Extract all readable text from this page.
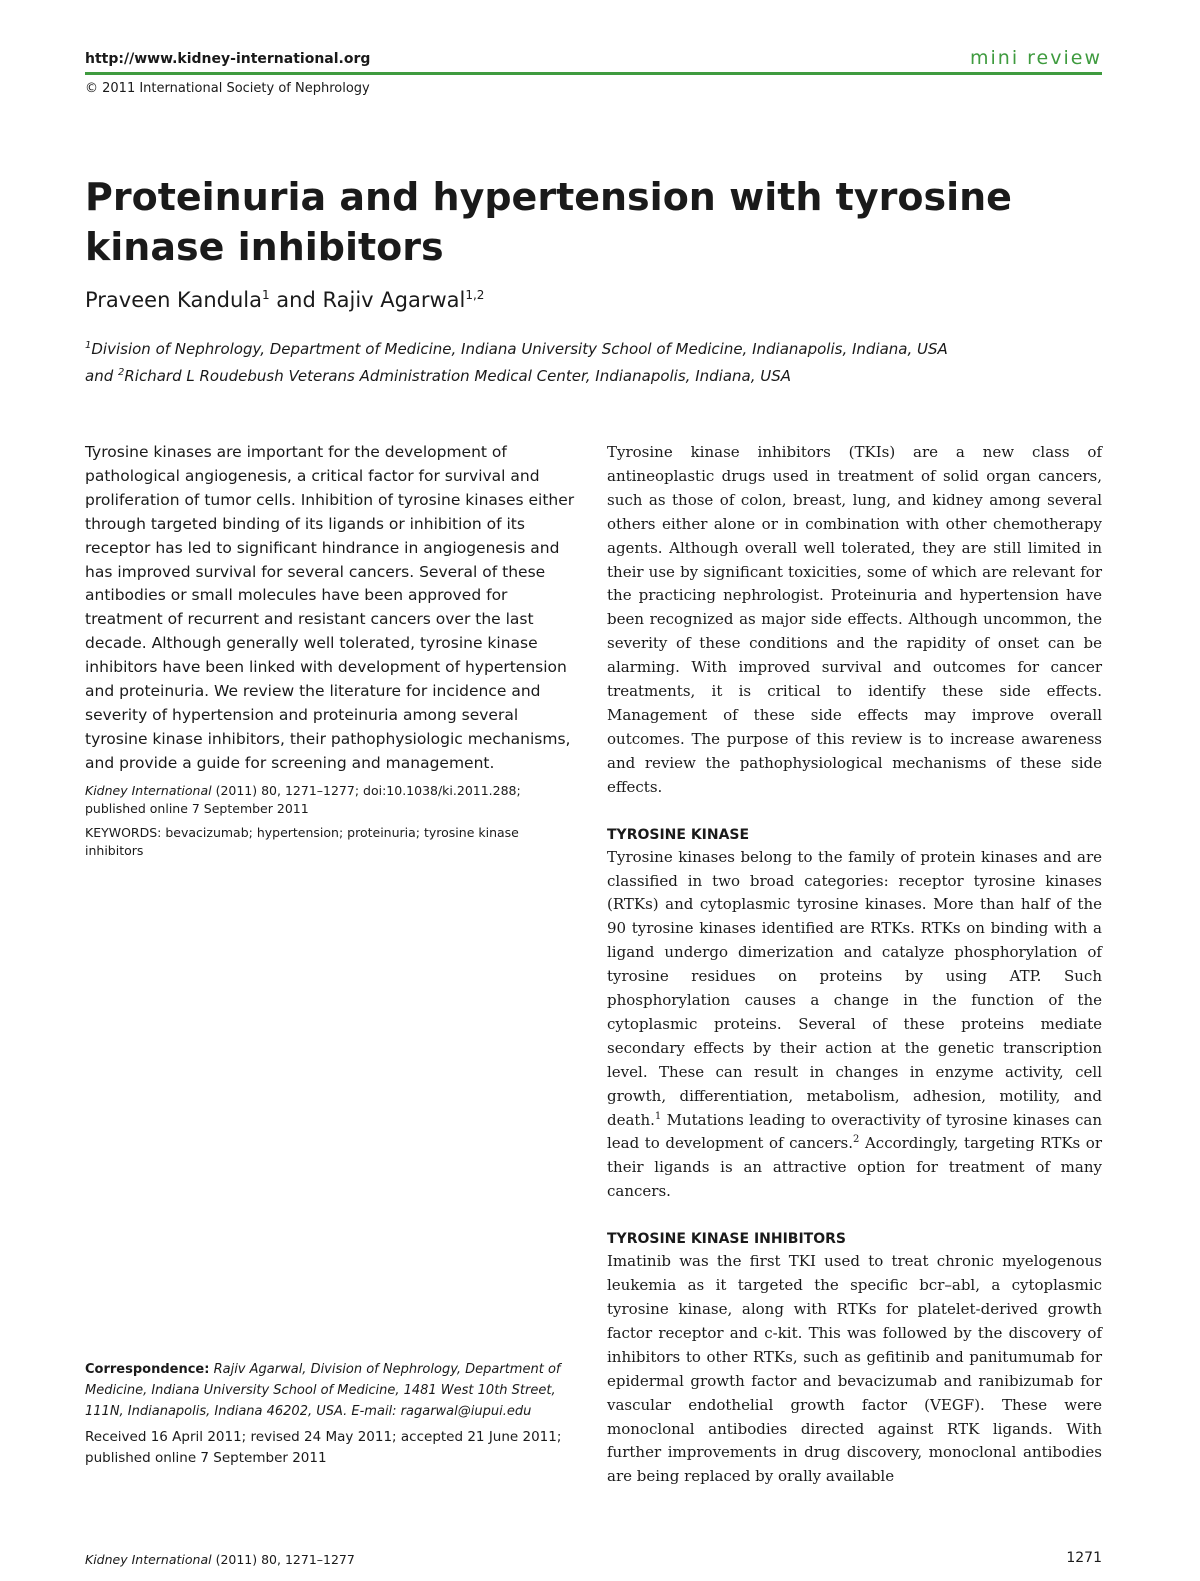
http://www.kidney-international.org	mini review
© 2011 International Society of Nephrology
Proteinuria and hypertension with tyrosine kinase inhibitors
Praveen Kandula$^1$ and Rajiv Agarwal$^{1,2}$
$^1$Division of Nephrology, Department of Medicine, Indiana University School of Medicine, Indianapolis, Indiana, USA
and $^2$Richard L Roudebush Veterans Administration Medical Center, Indianapolis, Indiana, USA

Tyrosine kinases are important for the development of pathological angiogenesis, a critical factor for survival and proliferation of tumor cells. Inhibition of tyrosine kinases either through targeted binding of its ligands or inhibition of its receptor has led to significant hindrance in angiogenesis and has improved survival for several cancers. Several of these antibodies or small molecules have been approved for treatment of recurrent and resistant cancers over the last decade. Although generally well tolerated, tyrosine kinase inhibitors have been linked with development of hypertension and proteinuria. We review the literature for incidence and severity of hypertension and proteinuria among several tyrosine kinase inhibitors, their pathophysiologic mechanisms, and provide a guide for screening and management.

Kidney International (2011) 80, 1271–1277; doi:10.1038/ki.2011.288;
published online 7 September 2011
KEYWORDS: bevacizumab; hypertension; proteinuria; tyrosine kinase inhibitors
Correspondence: Rajiv Agarwal, Division of Nephrology, Department of Medicine, Indiana University School of Medicine, 1481 West 10th Street, 111N, Indianapolis, Indiana 46202, USA. E-mail: ragarwal@iupui.edu
Received 16 April 2011; revised 24 May 2011; accepted 21 June 2011; published online 7 September 2011

Tyrosine kinase inhibitors (TKIs) are a new class of antineoplastic drugs used in treatment of solid organ cancers, such as those of colon, breast, lung, and kidney among several others either alone or in combination with other chemotherapy agents. Although overall well tolerated, they are still limited in their use by significant toxicities, some of which are relevant for the practicing nephrologist. Proteinuria and hypertension have been recognized as major side effects. Although uncommon, the severity of these conditions and the rapidity of onset can be alarming. With improved survival and outcomes for cancer treatments, it is critical to identify these side effects. Management of these side effects may improve overall outcomes. The purpose of this review is to increase awareness and review the pathophysiological mechanisms of these side effects.

TYROSINE KINASE

Tyrosine kinases belong to the family of protein kinases and are classified in two broad categories: receptor tyrosine kinases (RTKs) and cytoplasmic tyrosine kinases. More than half of the 90 tyrosine kinases identified are RTKs. RTKs on binding with a ligand undergo dimerization and catalyze phosphorylation of tyrosine residues on proteins by using ATP. Such phosphorylation causes a change in the function of the cytoplasmic proteins. Several of these proteins mediate secondary effects by their action at the genetic transcription level. These can result in changes in enzyme activity, cell growth, differentiation, metabolism, adhesion, motility, and death.$^1$ Mutations leading to overactivity of tyrosine kinases can lead to development of cancers.$^2$ Accordingly, targeting RTKs or their ligands is an attractive option for treatment of many cancers.

TYROSINE KINASE INHIBITORS

Imatinib was the first TKI used to treat chronic myelogenous leukemia as it targeted the specific bcr–abl, a cytoplasmic tyrosine kinase, along with RTKs for platelet-derived growth factor receptor and c-kit. This was followed by the discovery of inhibitors to other RTKs, such as gefitinib and panitumumab for epidermal growth factor and bevacizumab and ranibizumab for vascular endothelial growth factor (VEGF). These were monoclonal antibodies directed against RTK ligands. With further improvements in drug discovery, monoclonal antibodies are being replaced by orally available

Kidney International (2011) 80, 1271–1277	1271
